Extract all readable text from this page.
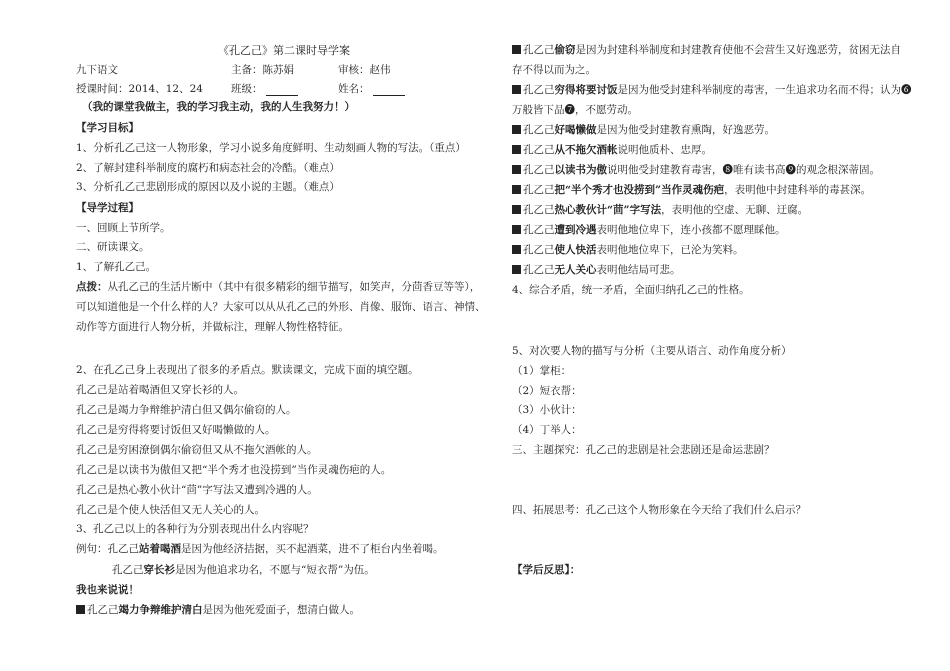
《孔乙己》第二课时导学案
九下语文	主备：陈苏娟	审核：赵伟
授课时间：2014、12、24	班级：	姓名：
（我的课堂我做主，我的学习我主动，我的人生我努力！）
【学习目标】
1、分析孔乙己这一人物形象，学习小说多角度鲜明、生动刻画人物的写法。（重点）
2、了解封建科举制度的腐朽和病态社会的冷酷。（难点）
3、分析孔乙己悲剧形成的原因以及小说的主题。（难点）
【导学过程】
一、回顾上节所学。
二、研读课文。
1、了解孔乙己。
点拨：从孔乙己的生活片断中（其中有很多精彩的细节描写，如笑声，分茴香豆等等），
可以知道他是一个什么样的人？大家可以从从孔乙己的外形、肖像、服饰、语言、神情、
动作等方面进行人物分析，并做标注，理解人物性格特征。
2、在孔乙己身上表现出了很多的矛盾点。默读课文，完成下面的填空题。
孔乙己是站着喝酒但又穿长衫的人。
孔乙己是竭力争辩维护清白但又偶尔偷窃的人。
孔乙己是穷得将要讨饭但又好喝懒做的人。
孔乙己是穷困潦倒偶尔偷窃但又从不拖欠酒帐的人。
孔乙己是以读书为傲但又把“半个秀才也没捞到”当作灵魂伤疤的人。
孔乙己是热心教小伙计“茴”字写法又遭到冷遇的人。
孔乙己是个使人快活但又无人关心的人。
3、孔乙己以上的各种行为分别表现出什么内容呢？
例句：孔乙己站着喝酒是因为他经济拮据，买不起酒菜，进不了柜台内坐着喝。
孔乙己穿长衫是因为他追求功名，不愿与“短衣帮”为伍。
我也来说说！
孔乙己竭力争辩维护清白是因为他死爱面子，想清白做人。
孔乙己偷窃是因为封建科举制度和封建教育使他不会营生又好逸恶劳，贫困无法自
存不得以而为之。
孔乙己穷得将要讨饭是因为他受封建科举制度的毒害，一生追求功名而不得；认为❻
万般皆下品❼，不愿劳动。
孔乙己好喝懒做是因为他受封建教育熏陶，好逸恶劳。
孔乙己从不拖欠酒帐说明他质朴、忠厚。
孔乙己以读书为傲说明他受封建教育毒害，❽唯有读书高❾的观念根深蒂固。
孔乙己把“半个秀才也没捞到”当作灵魂伤疤，表明他中封建科举的毒甚深。
孔乙己热心教伙计“茴”字写法，表明他的空虚、无聊、迂腐。
孔乙己遭到冷遇表明他地位卑下，连小孩都不愿理睬他。
孔乙己使人快活表明他地位卑下，已沦为笑料。
孔乙己无人关心表明他结局可悲。
4、综合矛盾，统一矛盾，全面归纳孔乙己的性格。
5、对次要人物的描写与分析（主要从语言、动作角度分析）
（1）掌柜：
（2）短衣帮：
（3）小伙计：
（4）丁举人：
三、主题探究：孔乙己的悲剧是社会悲剧还是命运悲剧？
四、拓展思考：孔乙己这个人物形象在今天给了我们什么启示？
【学后反思】：
